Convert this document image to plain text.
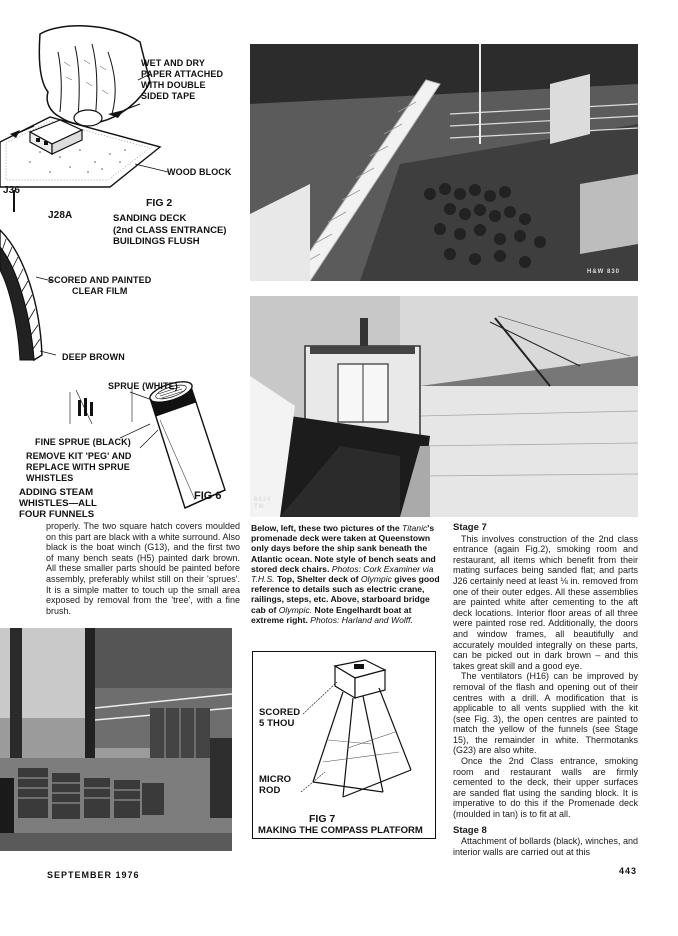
WET AND DRY
PAPER ATTACHED
WITH DOUBLE
SIDED TAPE
WOOD BLOCK
J36
J28A
FIG 2
SANDING DECK
(2nd CLASS ENTRANCE)
BUILDINGS FLUSH
SCORED AND PAINTED
CLEAR FILM
DEEP BROWN
SPRUE (WHITE)
FINE SPRUE (BLACK)
REMOVE KIT 'PEG' AND
REPLACE WITH SPRUE
WHISTLES
ADDING STEAM
WHISTLES—ALL
FOUR FUNNELS
FIG 6

properly. The two square hatch covers moulded on this part are black with a white surround. Also black is the boat winch (G13), and the first two of many bench seats (H5) painted dark brown. All these smaller parts should be painted before assembly, preferably whilst still on their 'sprues'. It is a simple matter to touch up the small area exposed by removal from the 'tree', with a fine brush.

H&W 830
8634 TM
Below, left, these two pictures of the Titanic's promenade deck were taken at Queenstown only days before the ship sank beneath the Atlantic ocean. Note style of bench seats and stored deck chairs. Photos: Cork Examiner via T.H.S. Top, Shelter deck of Olympic gives good reference to details such as electric crane, railings, steps, etc. Above, starboard bridge cab of Olympic. Note Engelhardt boat at extreme right. Photos: Harland and Wolff.
SCORED
5 THOU
MICRO
ROD
FIG 7
MAKING THE COMPASS PLATFORM

Stage 7

This involves construction of the 2nd class entrance (again Fig.2), smoking room and restaurant, all items which benefit from their mating surfaces being sanded flat; and parts J26 certainly need at least ⅛ in. removed from one of their outer edges. All these assemblies are painted white after cementing to the aft deck locations. Interior floor areas of all three were painted rose red. Additionally, the doors and window frames, all beautifully and accurately moulded integrally on these parts, can be picked out in dark brown – and this takes great skill and a good eye.

The ventilators (H16) can be improved by removal of the flash and opening out of their centres with a drill. A modification that is applicable to all vents supplied with the kit (see Fig. 3), the open centres are painted to match the yellow of the funnels (see Stage 15), the remainder in white. Thermotanks (G23) are also white.

Once the 2nd Class entrance, smoking room and restaurant walls are firmly cemented to the deck, their upper surfaces are sanded flat using the sanding block. It is imperative to do this if the Promenade deck (moulded in tan) is to fit at all.

Stage 8

Attachment of bollards (black), winches, and interior walls are carried out at this

SEPTEMBER 1976	443
